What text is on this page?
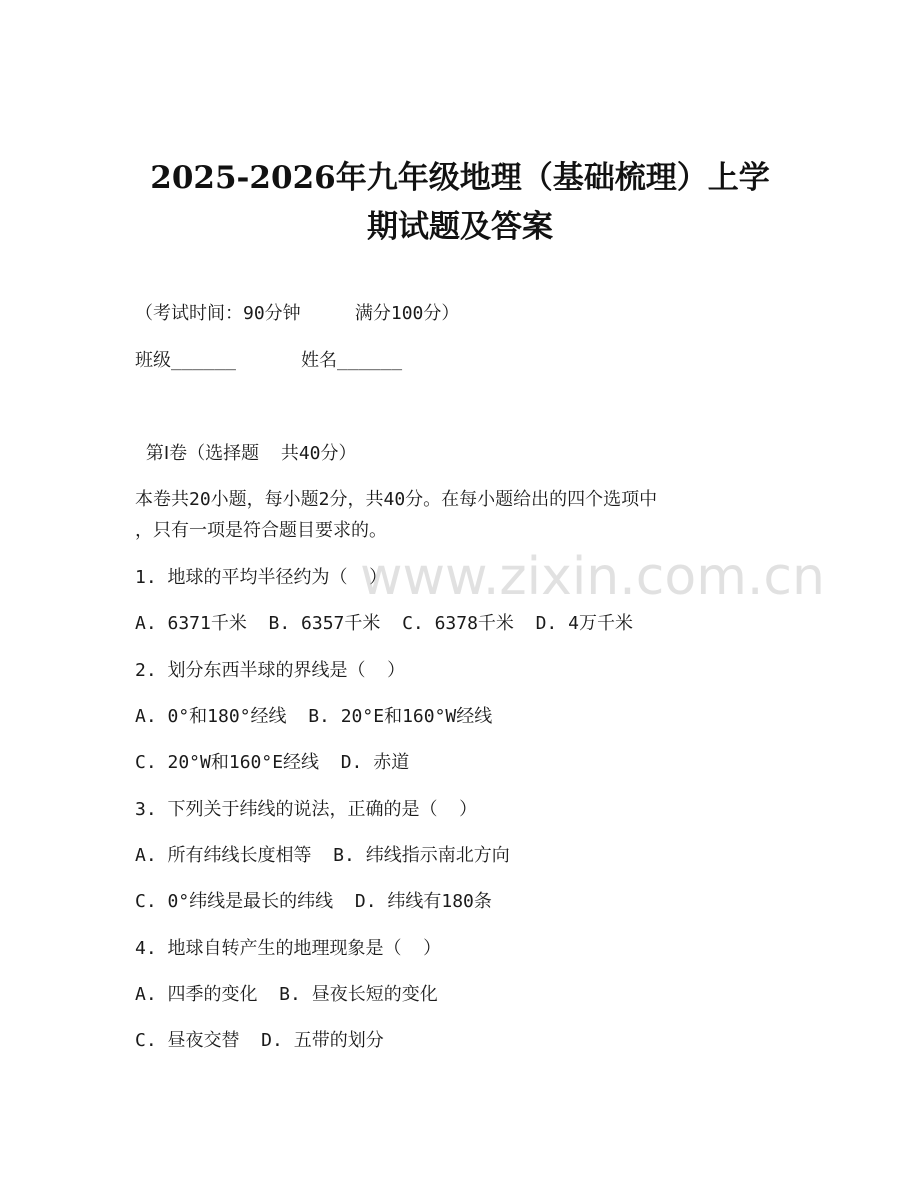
2025-2026年九年级地理（基础梳理）上学
期试题及答案

（考试时间：90分钟     满分100分）

班级______      姓名______

第Ⅰ卷（选择题  共40分）

本卷共20小题，每小题2分，共40分。在每小题给出的四个选项中

，只有一项是符合题目要求的。

www.zixin.com.cn

1. 地球的平均半径约为（  ）

A. 6371千米  B. 6357千米  C. 6378千米  D. 4万千米

2. 划分东西半球的界线是（  ）

A. 0°和180°经线  B. 20°E和160°W经线

C. 20°W和160°E经线  D. 赤道

3. 下列关于纬线的说法，正确的是（  ）

A. 所有纬线长度相等  B. 纬线指示南北方向

C. 0°纬线是最长的纬线  D. 纬线有180条

4. 地球自转产生的地理现象是（  ）

A. 四季的变化  B. 昼夜长短的变化

C. 昼夜交替  D. 五带的划分
